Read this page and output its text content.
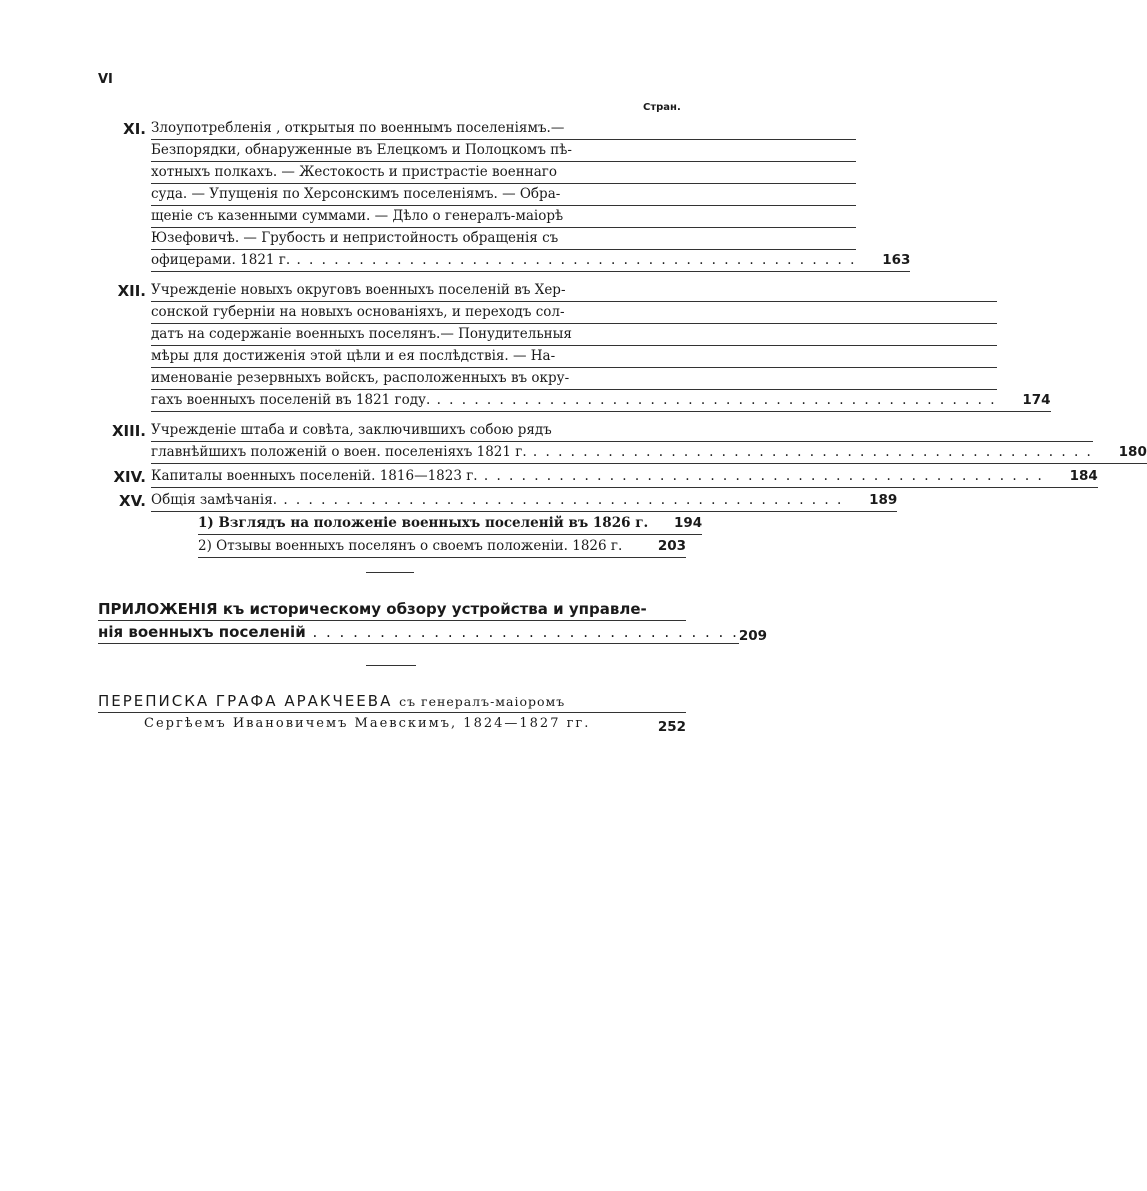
VI
Стран.
XI. Злоупотребленія , открытыя по военнымъ поселеніямъ.—
Безпорядки, обнаруженные въ Елецкомъ и Полоцкомъ пѣ-
хотныхъ полкахъ. — Жестокость и пристрастіе военнаго
суда. — Упущенія по Херсонскимъ поселеніямъ. — Обра-
щеніе съ казенными суммами. — Дѣло о генералъ-маiорѣ
Юзефовичѣ. — Грубость и непристойность обращенія съ
офицерами. 1821 г. . . .	163
XII. Учрежденіе новыхъ округовъ военныхъ поселеній въ Хер-
сонской губерніи на новыхъ основаніяхъ, и переходъ сол-
датъ на содержаніе военныхъ поселянъ.— Понудительныя
мѣры для достиженія этой цѣли и ея послѣдствія. — На-
именованіе резервныхъ войскъ, расположенныхъ въ окру-
гахъ военныхъ поселеній въ 1821 году. . . .	174
XIII. Учрежденіе штаба и совѣта, заключившихъ собою рядъ
главнѣйшихъ положеній о воен. поселеніяхъ 1821 г. . . .	180
XIV. Капиталы военныхъ поселеній. 1816—1823 г. . . .	184
XV. Общія замѣчанія. . . .	189
1) Взглядъ на положеніе военныхъ поселеній въ 1826 г.	194
2) Отзывы военныхъ поселянъ о своемъ положеніи. 1826 г.	203
ПРИЛОЖЕНІЯ къ историческому обзору устройства и управле-
нія военныхъ поселеній . . .	209
ПЕРЕПИСКА ГРАФА АРАКЧЕЕВА съ генералъ-маіоромъ
Сергѣемъ Ивановичемъ Маевскимъ, 1824—1827 гг.	252
